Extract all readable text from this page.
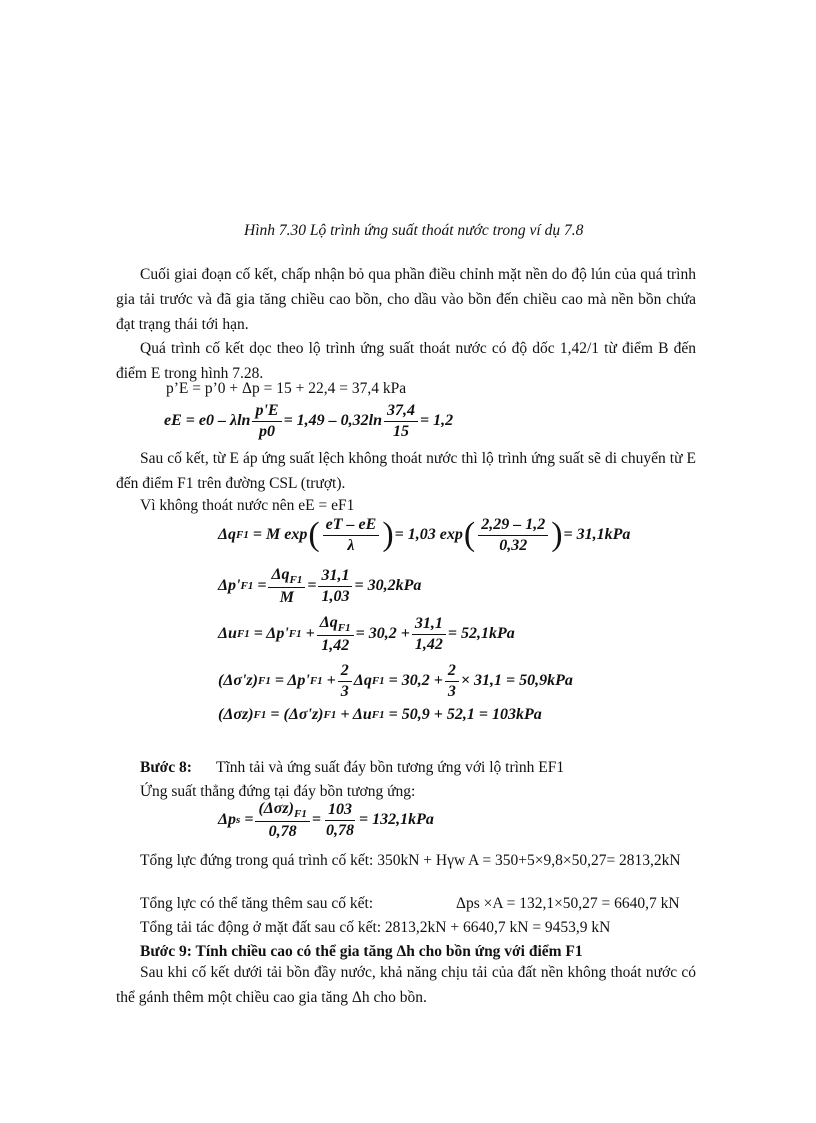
Hình 7.30 Lộ trình ứng suất thoát nước trong ví dụ 7.8
Cuối giai đoạn cố kết, chấp nhận bỏ qua phần điều chỉnh mặt nền do độ lún của quá trình gia tải trước và đã gia tăng chiều cao bồn, cho dầu vào bồn đến chiều cao mà nền bồn chứa đạt trạng thái tới hạn.
Quá trình cố kết dọc theo lộ trình ứng suất thoát nước có độ dốc 1,42/1 từ điểm B đến điểm E trong hình 7.28.
p’E = p’0 + Δp = 15 + 22,4 = 37,4 kPa
eE = e0 – λln $\frac{p'E}{p0} = 1,49 - 0,32\ln \frac{37,4}{15} = 1,2$
Sau cố kết, từ E áp ứng suất lệch không thoát nước thì lộ trình ứng suất sẽ di chuyển từ E đến điểm F1 trên đường CSL (trượt).
Vì không thoát nước nên eE = eF1
Δq F1 = M exp ( $\frac{eT - eE}{\lambda}$ ) = 1,03 exp ( $\frac{2,29 - 1,2}{0,32}$ ) = 31,1kPa
Δp' $F1 = \frac{\Delta q_{F1}}{M} = \frac{31,1}{1,03} = 30,2kPa$
Δu F1 = Δp' $F1 + \frac{\Delta q_{F1}}{1,42} = 30,2 + \frac{31,1}{1,42} = 52,1kPa$
(Δσ'z) F1 = Δp' $F1 + \frac{2}{3}$ Δq $F1 = 30,2 + \frac{2}{3} \times 31,1 = 50,9kPa$
(Δσz) F1 = (Δσ'z) F1 + Δu F1 = 50,9 + 52,1 = 103kPa
Bước 8: Tĩnh tải và ứng suất đáy bồn tương ứng với lộ trình EF1
Ứng suất thẳng đứng tại đáy bồn tương ứng:
Δp $s = \frac{(\Delta\sigma z)_{F1}}{0,78} = \frac{103}{0,78} = 132,1kPa$
Tổng lực đứng trong quá trình cố kết: 350kN + Hγw A = 350+5×9,8×50,27= 2813,2kN
Tổng lực có thể tăng thêm sau cố kết:	Δps ×A = 132,1×50,27 = 6640,7 kN
Tổng tải tác động ở mặt đất sau cố kết: 2813,2kN + 6640,7 kN = 9453,9 kN
Bước 9: Tính chiều cao có thể gia tăng Δh cho bồn ứng với điểm F1
Sau khi cố kết dưới tải bồn đầy nước, khả năng chịu tải của đất nền không thoát nước có thể gánh thêm một chiều cao gia tăng Δh cho bồn.
